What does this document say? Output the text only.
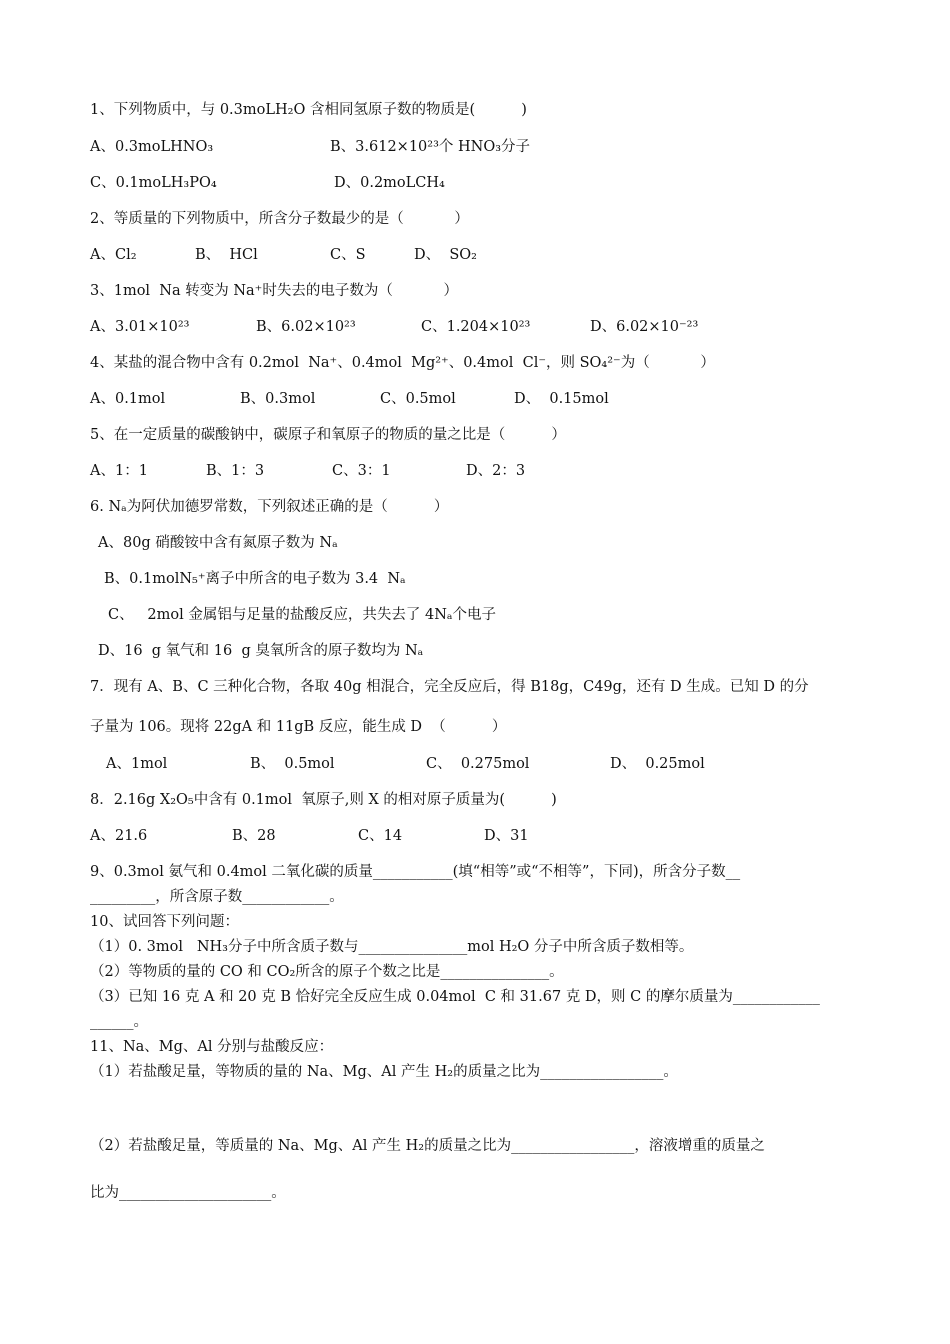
1、下列物质中，与 0.3moLH₂O 含相同氢原子数的物质是(          )
A、0.3moLHNO₃	B、3.612×10²³个 HNO₃分子
C、0.1moLH₃PO₄	D、0.2moLCH₄
2、等质量的下列物质中，所含分子数最少的是（           ）
A、Cl₂	B、  HCl	C、S	D、  SO₂
3、1mol  Na 转变为 Na⁺时失去的电子数为（           ）
A、3.01×10²³	B、6.02×10²³	C、1.204×10²³	D、6.02×10⁻²³
4、某盐的混合物中含有 0.2mol  Na⁺、0.4mol  Mg²⁺、0.4mol  Cl⁻，则 SO₄²⁻为（           ）
A、0.1mol	B、0.3mol	C、0.5mol	D、  0.15mol
5、在一定质量的碳酸钠中，碳原子和氧原子的物质的量之比是（          ）
A、1：1	B、1：3	C、3：1	D、2：3
6. Nₐ为阿伏加德罗常数，下列叙述正确的是（          ）
A、80g 硝酸铵中含有氮原子数为 Nₐ
B、0.1molN₅⁺离子中所含的电子数为 3.4  Nₐ
C、   2mol 金属铝与足量的盐酸反应，共失去了 4Nₐ个电子
D、16  g 氧气和 16  g 臭氧所含的原子数均为 Nₐ
7．现有 A、B、C 三种化合物，各取 40g 相混合，完全反应后，得 B18g，C49g，还有 D 生成。已知 D 的分
子量为 106。现将 22gA 和 11gB 反应，能生成 D  （          ）
A、1mol	B、  0.5mol	C、  0.275mol	D、  0.25mol
8．2.16g X₂O₅中含有 0.1mol  氧原子,则 X 的相对原子质量为(          )
A、21.6	B、28	C、14	D、31
9、0.3mol 氨气和 0.4mol 二氧化碳的质量___________(填“相等”或“不相等”，下同)，所含分子数__
_________，所含原子数____________。
10、试回答下列问题：
（1）0. 3mol   NH₃分子中所含质子数与_______________mol H₂O 分子中所含质子数相等。
（2）等物质的量的 CO 和 CO₂所含的原子个数之比是_______________。
（3）已知 16 克 A 和 20 克 B 恰好完全反应生成 0.04mol  C 和 31.67 克 D，则 C 的摩尔质量为____________
______。
11、Na、Mg、Al 分别与盐酸反应：
（1）若盐酸足量，等物质的量的 Na、Mg、Al 产生 H₂的质量之比为_________________。
（2）若盐酸足量，等质量的 Na、Mg、Al 产生 H₂的质量之比为_________________，溶液增重的质量之
比为_____________________。
